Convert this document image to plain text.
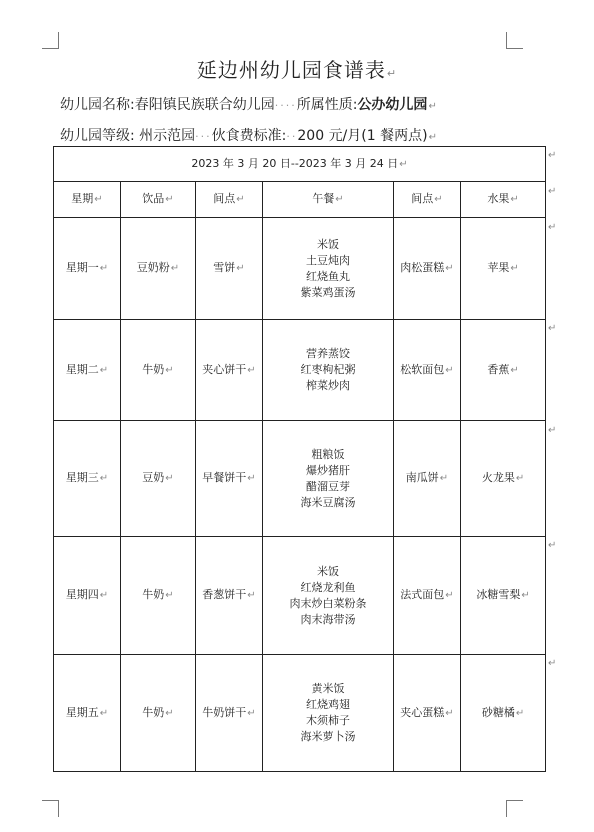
延边州幼儿园食谱表↵
幼儿园名称:春阳镇民族联合幼儿园····所属性质:公办幼儿园↵
幼儿园等级: 州示范园···伙食费标准:··200 元/月(1 餐两点)↵
2023 年 3 月 20 日--2023 年 3 月 24 日↵					
星期↵	饮品↵	间点↵	午餐↵	间点↵	水果↵
星期一↵	豆奶粉↵	雪饼↵	米饭
土豆炖肉
红烧鱼丸
紫菜鸡蛋汤	肉松蛋糕↵	苹果↵
星期二↵	牛奶↵	夹心饼干↵	营养蒸饺
红枣枸杞粥
榨菜炒肉	松软面包↵	香蕉↵
星期三↵	豆奶↵	早餐饼干↵	粗粮饭
爆炒猪肝
醋溜豆芽
海米豆腐汤	南瓜饼↵	火龙果↵
星期四↵	牛奶↵	香葱饼干↵	米饭
红烧龙利鱼
肉末炒白菜粉条
肉末海带汤	法式面包↵	冰糖雪梨↵
星期五↵	牛奶↵	牛奶饼干↵	黄米饭
红烧鸡翅
木须柿子
海米萝卜汤	夹心蛋糕↵	砂糖橘↵
↵
↵
↵
↵
↵
↵
↵
